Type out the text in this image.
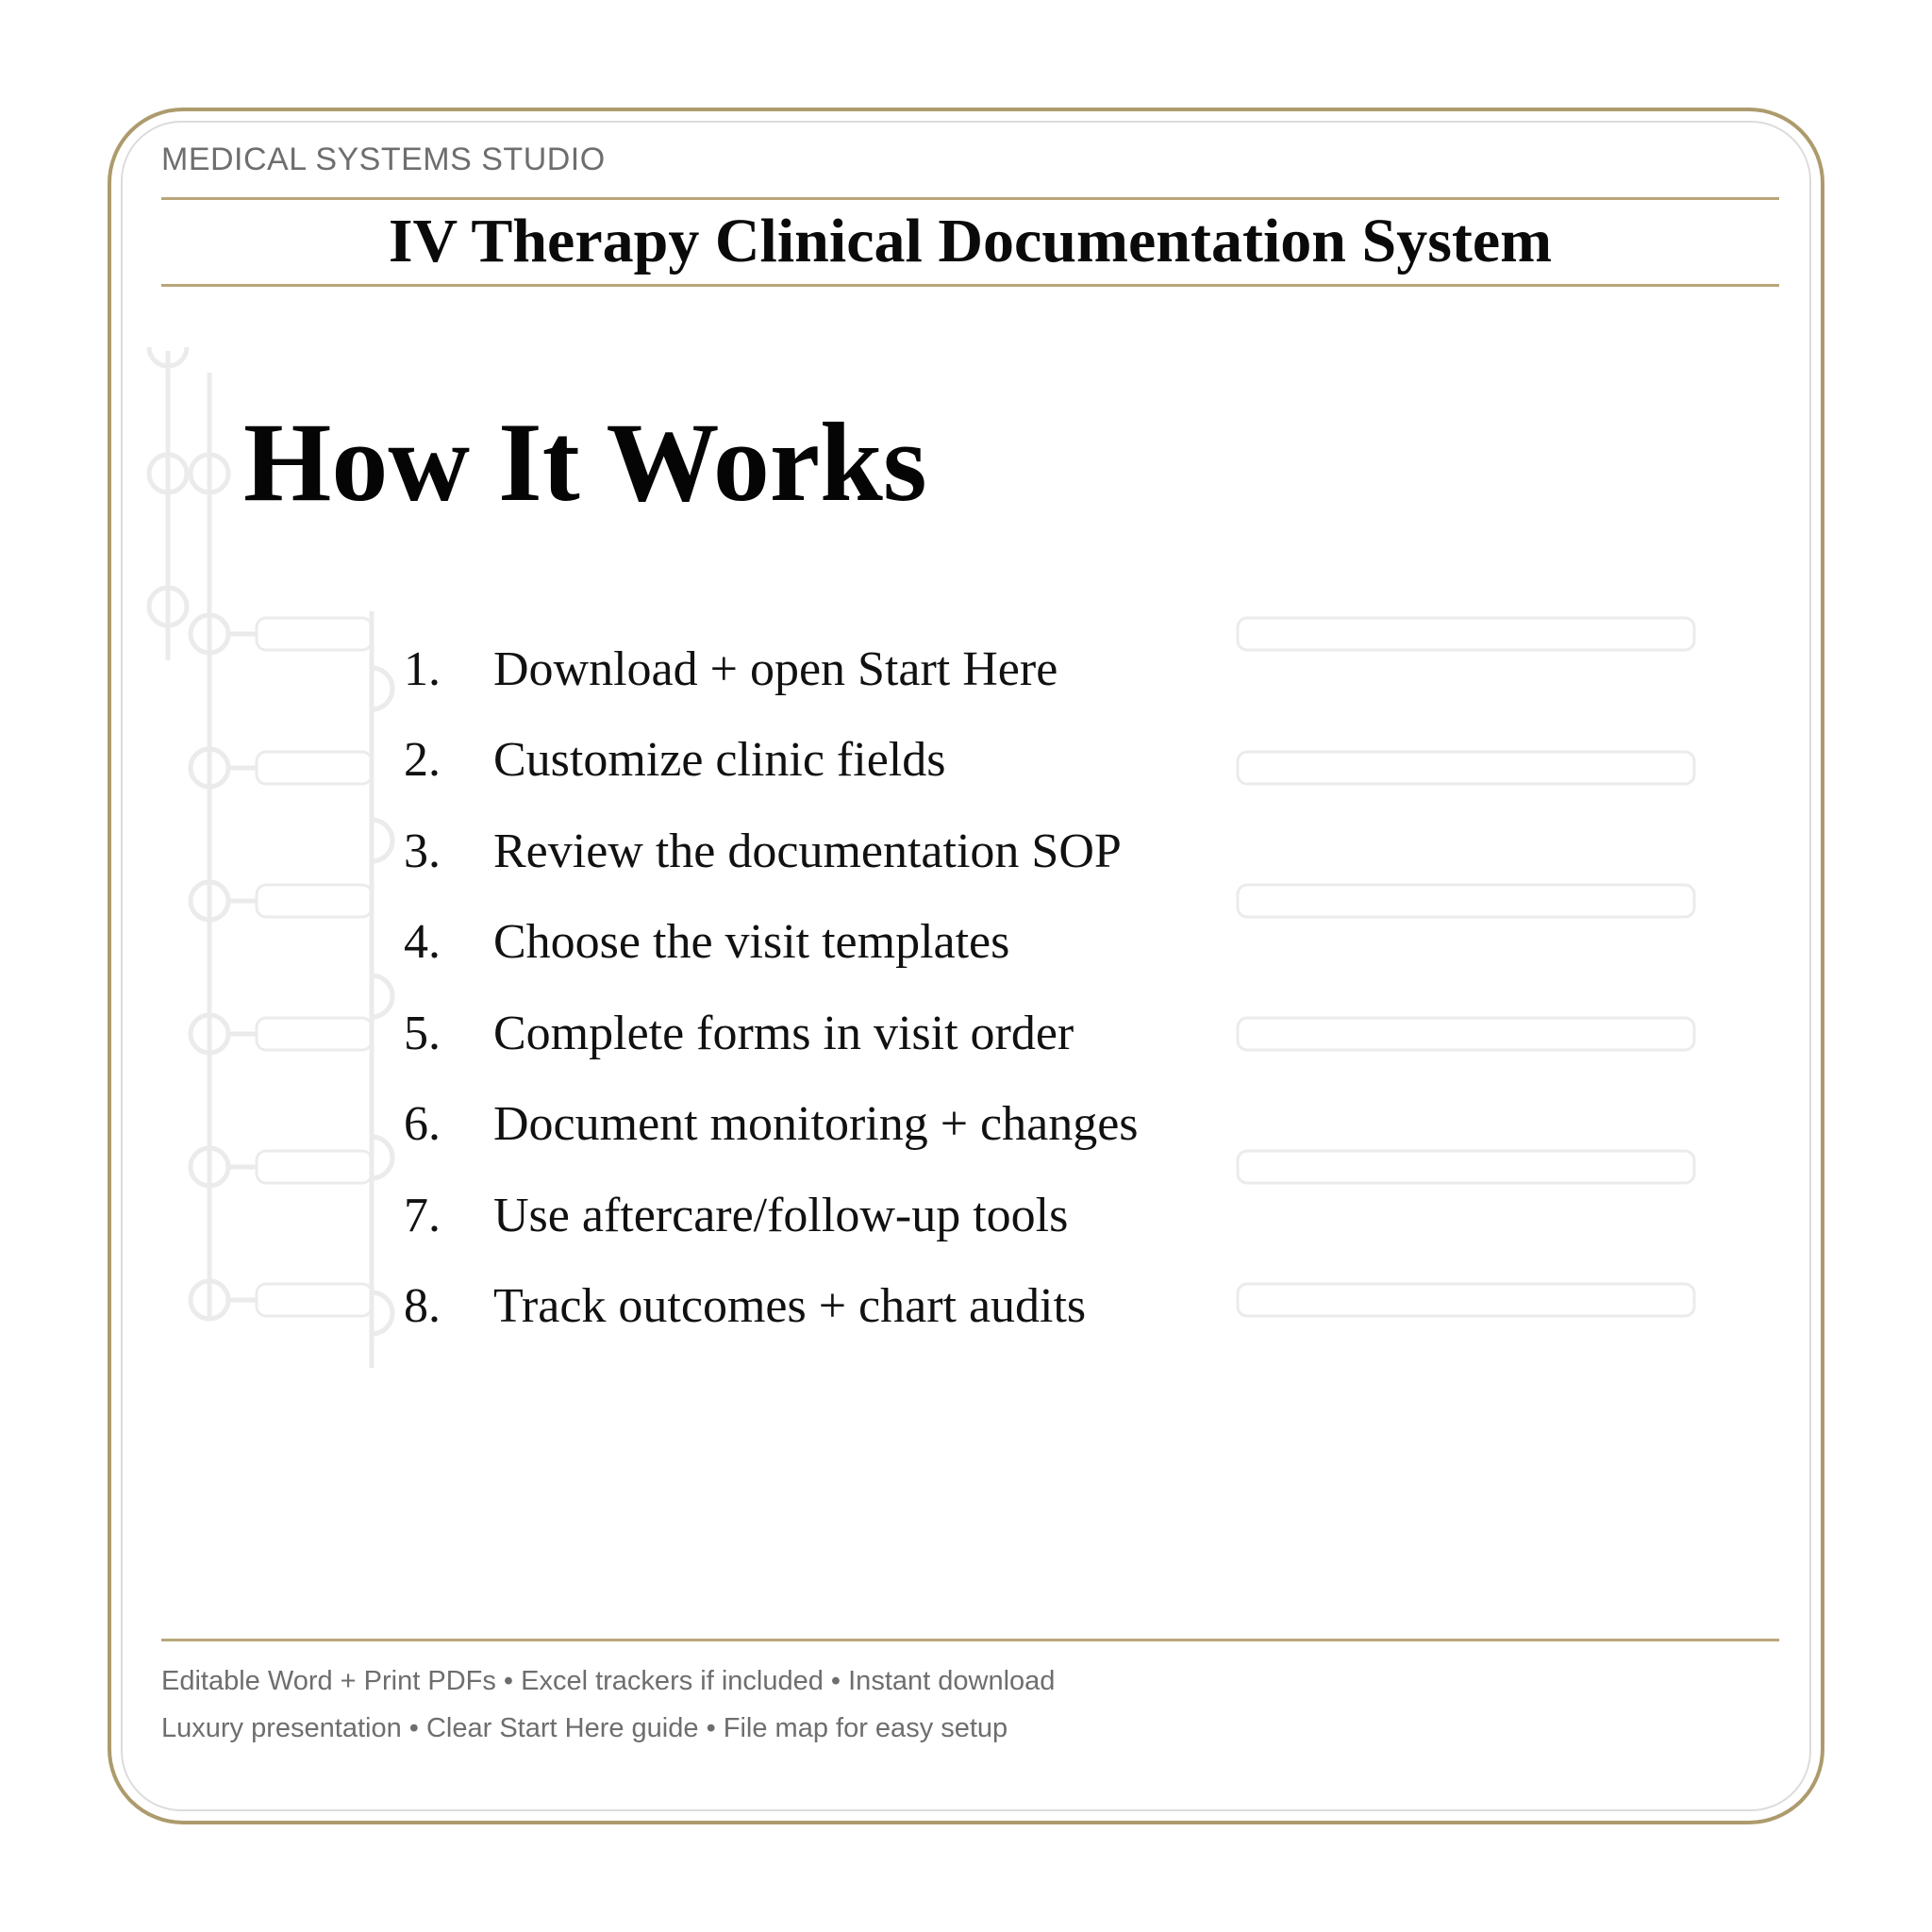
MEDICAL SYSTEMS STUDIO
IV Therapy Clinical Documentation System
How It Works
1.	Download + open Start Here
2.	Customize clinic fields
3.	Review the documentation SOP
4.	Choose the visit templates
5.	Complete forms in visit order
6.	Document monitoring + changes
7.	Use aftercare/follow-up tools
8.	Track outcomes + chart audits
Editable Word + Print PDFs • Excel trackers if included • Instant download
Luxury presentation • Clear Start Here guide • File map for easy setup
